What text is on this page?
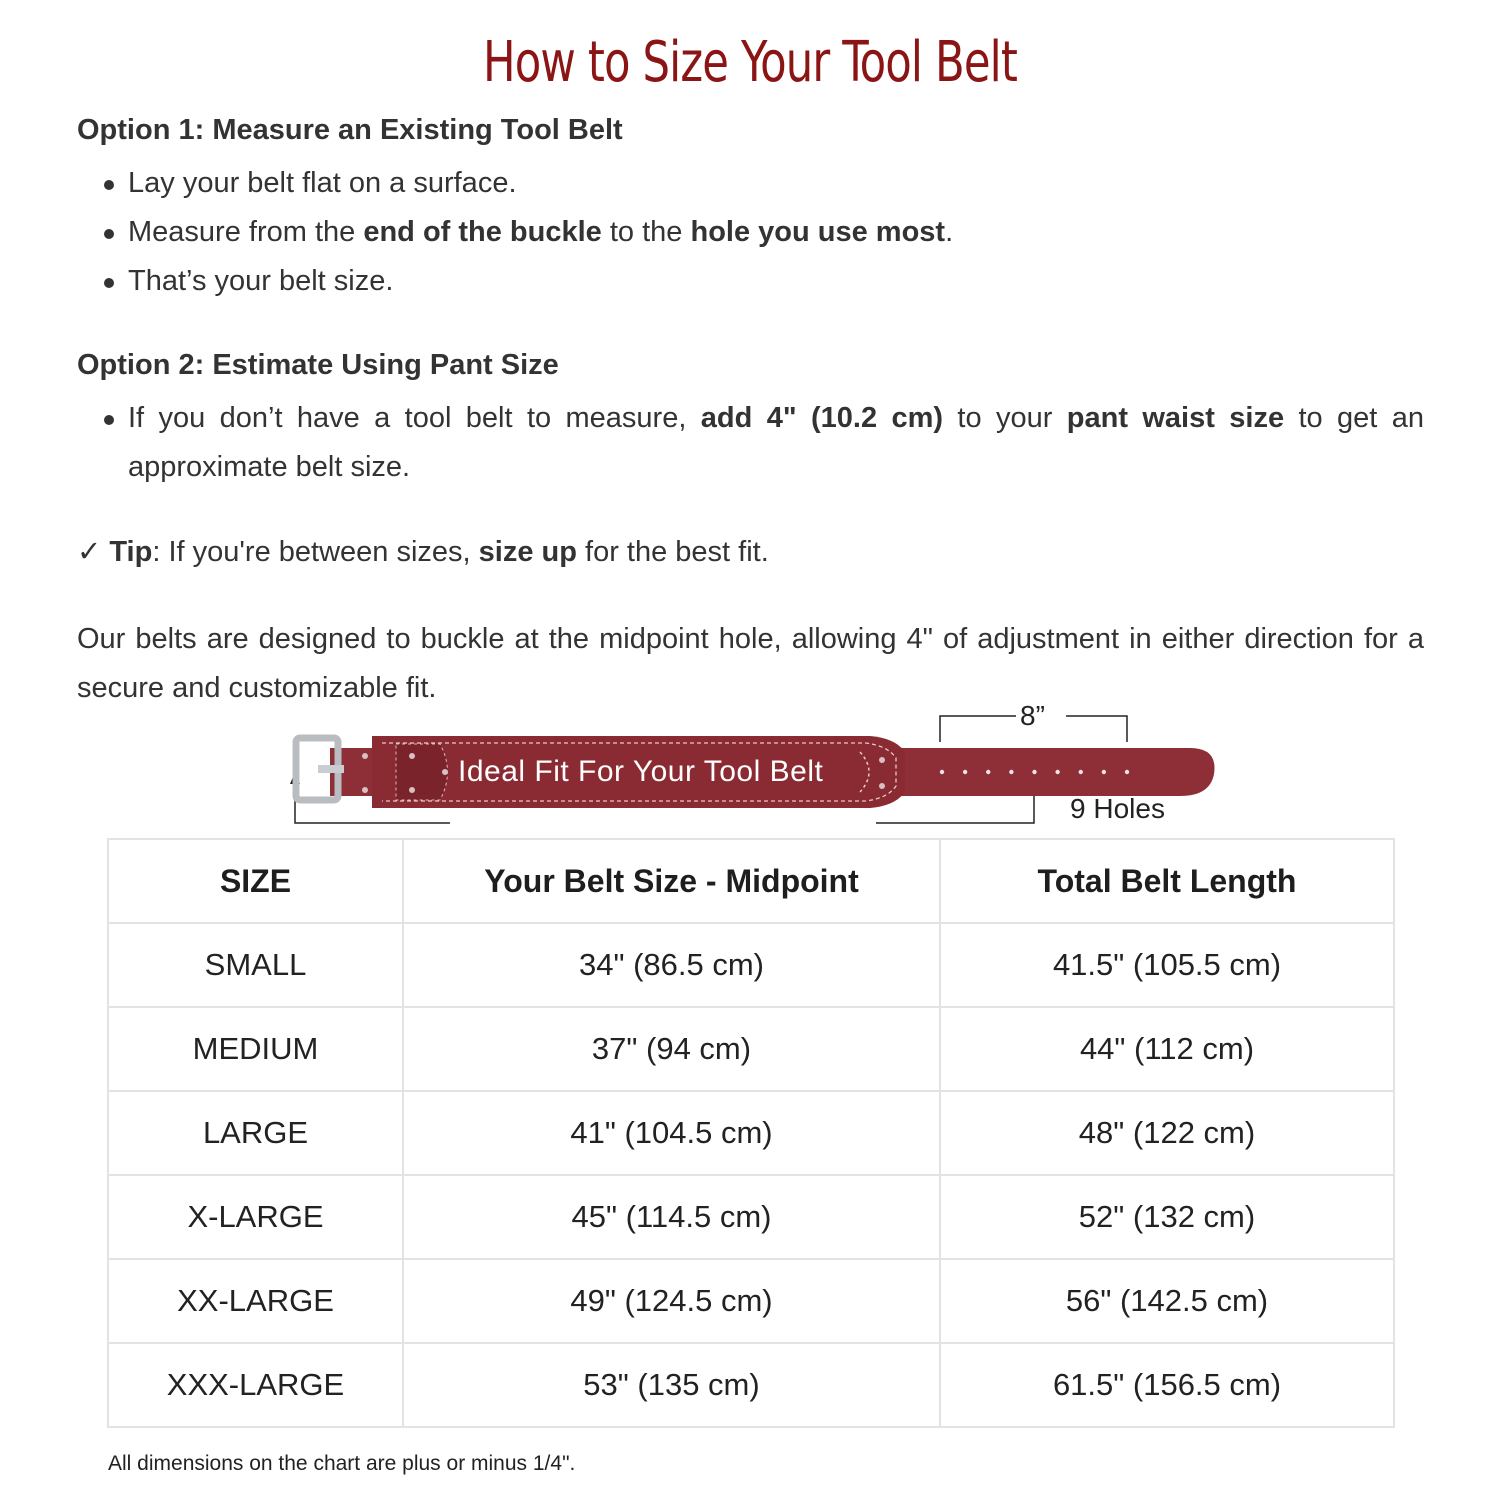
How to Size Your Tool Belt
Option 1: Measure an Existing Tool Belt
Lay your belt flat on a surface.
Measure from the end of the buckle to the hole you use most.
That’s your belt size.
Option 2: Estimate Using Pant Size
If you don’t have a tool belt to measure, add 4" (10.2 cm) to your pant waist size to get an approximate belt size.
✓ Tip: If you're between sizes, size up for the best fit.
Our belts are designed to buckle at the midpoint hole, allowing 4" of adjustment in either direction for a secure and customizable fit.
Ideal Fit For Your Tool Belt
8”
9 Holes
SIZE	Your Belt Size - Midpoint	Total Belt Length
SMALL	34" (86.5 cm)	41.5" (105.5 cm)
MEDIUM	37" (94 cm)	44" (112 cm)
LARGE	41" (104.5 cm)	48" (122 cm)
X-LARGE	45" (114.5 cm)	52" (132 cm)
XX-LARGE	49" (124.5 cm)	56" (142.5 cm)
XXX-LARGE	53" (135 cm)	61.5" (156.5 cm)
All dimensions on the chart are plus or minus 1/4".
